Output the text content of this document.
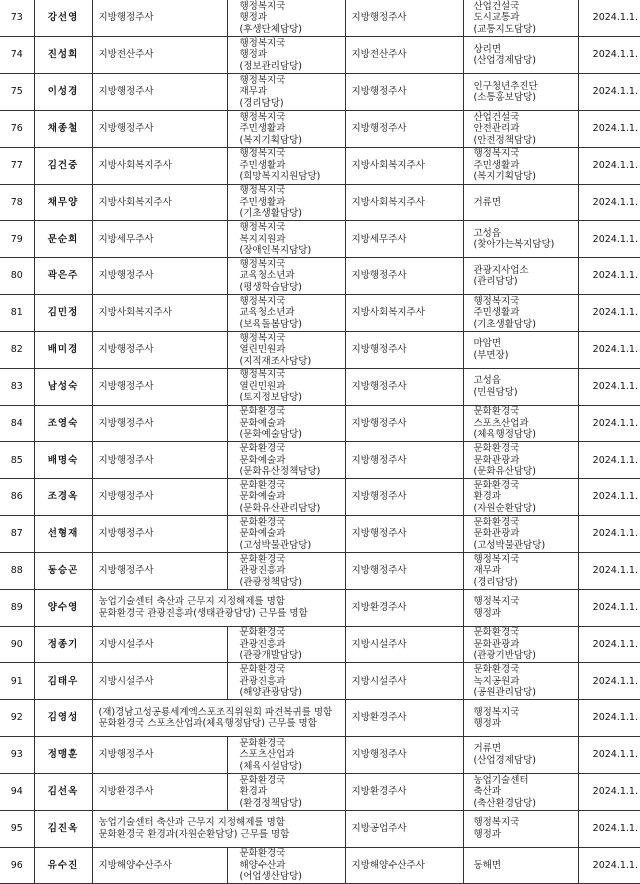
73	강선영	지방행정주사	행정복지국
행정과
(후생단체담당)	지방행정주사	산업건설국
도시교통과
(교통지도담당)	2024.1.1.
74	진성희	지방전산주사	행정복지국
행정과
(정보관리담당)	지방전산주사	상리면
(산업경제담당)	2024.1.1.
75	이성경	지방행정주사	행정복지국
재무과
(경리담당)	지방행정주사	인구청년추진단
(소통홍보담당)	2024.1.1.
76	채종철	지방행정주사	행정복지국
주민생활과
(복지기획담당)	지방행정주사	산업건설국
안전관리과
(안전정책담당)	2024.1.1.
77	김건중	지방사회복지주사	행정복지국
주민생활과
(희망복지지원담당)	지방사회복지주사	행정복지국
주민생활과
(복지기획담당)	2024.1.1.
78	채무양	지방사회복지주사	행정복지국
주민생활과
(기초생활담당)	지방사회복지주사	거류면	2024.1.1.
79	문순희	지방세무주사	행정복지국
복지지원과
(장애인복지담당)	지방세무주사	고성읍
(찾아가는복지담당)	2024.1.1.
80	곽은주	지방행정주사	행정복지국
교육청소년과
(평생학습담당)	지방행정주사	관광지사업소
(관리담당)	2024.1.1.
81	김민정	지방사회복지주사	행정복지국
교육청소년과
(보육돌봄담당)	지방사회복지주사	행정복지국
주민생활과
(기초생활담당)	2024.1.1.
82	배미경	지방행정주사	행정복지국
열린민원과
(지적재조사담당)	지방행정주사	마암면
(부면장)	2024.1.1.
83	남성숙	지방행정주사	행정복지국
열린민원과
(토지정보담당)	지방행정주사	고성읍
(민원담당)	2024.1.1.
84	조영숙	지방행정주사	문화환경국
문화예술과
(문화예술담당)	지방행정주사	문화환경국
스포츠산업과
(체육행정담당)	2024.1.1.
85	배명숙	지방행정주사	문화환경국
문화예술과
(문화유산정책담당)	지방행정주사	문화환경국
문화관광과
(문화유산담당)	2024.1.1.
86	조경옥	지방행정주사	문화환경국
문화예술과
(문화유산관리담당)	지방행정주사	문화환경국
환경과
(자원순환담당)	2024.1.1.
87	선형재	지방행정주사	문화환경국
문화예술과
(고성박물관담당)	지방행정주사	문화환경국
문화관광과
(고성박물관담당)	2024.1.1.
88	동승곤	지방행정주사	문화환경국
관광진흥과
(관광정책담당)	지방행정주사	행정복지국
재무과
(경리담당)	2024.1.1.
89	양수영	농업기술센터 축산과 근무지 지정해제를 명함
문화환경국 관광진흥과(생태관광담당) 근무를 명함		지방환경주사	행정복지국
행정과	2024.1.1.
90	정종기	지방시설주사	문화환경국
관광진흥과
(관광개발담당)	지방시설주사	문화환경국
문화관광과
(관광기반담당)	2024.1.1.
91	김태우	지방시설주사	문화환경국
관광진흥과
(해양관광담당)	지방시설주사	문화환경국
녹지공원과
(공원관리담당)	2024.1.1.
92	김영성	(재)경남고성공룡세계엑스포조직위원회 파견복귀를 명함
문화환경국 스포츠산업과(체육행정담당) 근무를 명함		지방환경주사	행정복지국
행정과	2024.1.1.
93	정맹훈	지방행정주사	문화환경국
스포츠산업과
(체육시설담당)	지방행정주사	거류면
(산업경제담당)	2024.1.1.
94	김선옥	지방환경주사	문화환경국
환경과
(환경정책담당)	지방환경주사	농업기술센터
축산과
(축산환경담당)	2024.1.1.
95	김진옥	농업기술센터 축산과 근무지 지정해제를 명함
문화환경국 환경과(자원순환담당) 근무를 명함		지방공업주사	행정복지국
행정과	2024.1.1.
96	유수진	지방해양수산주사	문화환경국
해양수산과
(어업생산담당)	지방해양수산주사	동해면	2024.1.1.
